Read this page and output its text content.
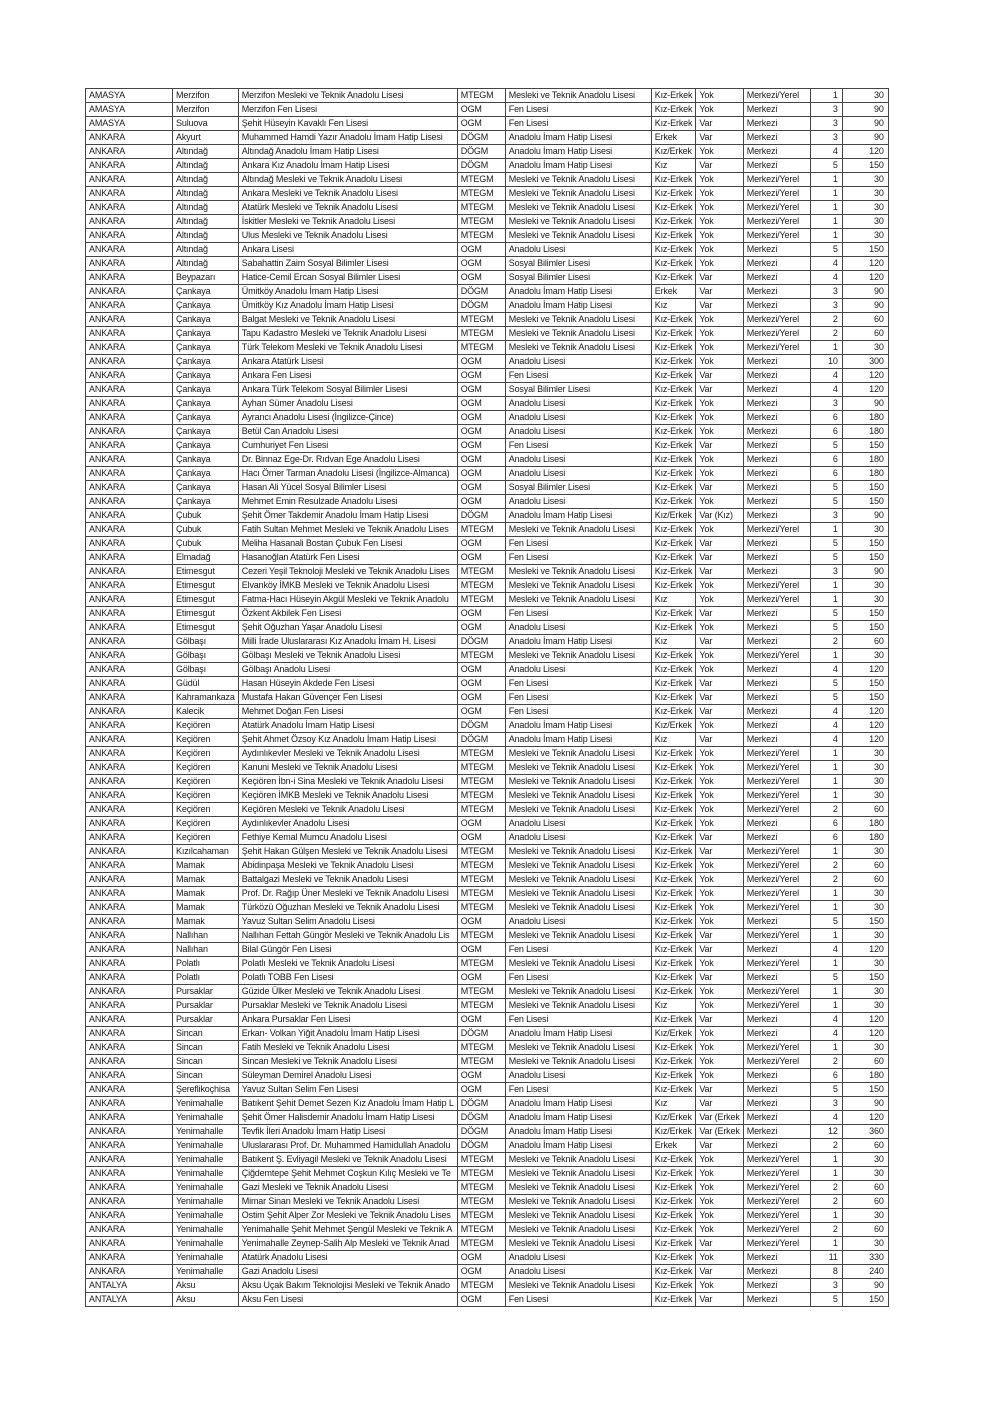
AMASYA	Merzifon	Merzifon Mesleki ve Teknik Anadolu Lisesi	MTEGM	Mesleki ve Teknik Anadolu Lisesi	Kız-Erkek	Yok	Merkezi/Yerel	1	30
AMASYA	Merzifon	Merzifon Fen Lisesi	OGM	Fen Lisesi	Kız-Erkek	Yok	Merkezi	3	90
AMASYA	Suluova	Şehit Hüseyin Kavaklı Fen Lisesi	OGM	Fen Lisesi	Kız-Erkek	Var	Merkezi	3	90
ANKARA	Akyurt	Muhammed Hamdi Yazır Anadolu İmam Hatip Lisesi	DÖGM	Anadolu İmam Hatip Lisesi	Erkek	Var	Merkezi	3	90
ANKARA	Altındağ	Altındağ Anadolu İmam Hatip Lisesi	DÖGM	Anadolu İmam Hatip Lisesi	Kız/Erkek	Yok	Merkezi	4	120
ANKARA	Altındağ	Ankara Kız Anadolu İmam Hatip Lisesi	DÖGM	Anadolu İmam Hatip Lisesi	Kız	Var	Merkezi	5	150
ANKARA	Altındağ	Altındağ Mesleki ve Teknik Anadolu Lisesi	MTEGM	Mesleki ve Teknik Anadolu Lisesi	Kız-Erkek	Yok	Merkezi/Yerel	1	30
ANKARA	Altındağ	Ankara Mesleki ve Teknik Anadolu Lisesi	MTEGM	Mesleki ve Teknik Anadolu Lisesi	Kız-Erkek	Yok	Merkezi/Yerel	1	30
ANKARA	Altındağ	Atatürk Mesleki ve Teknik Anadolu Lisesi	MTEGM	Mesleki ve Teknik Anadolu Lisesi	Kız-Erkek	Yok	Merkezi/Yerel	1	30
ANKARA	Altındağ	İskitler Mesleki ve Teknik Anadolu Lisesi	MTEGM	Mesleki ve Teknik Anadolu Lisesi	Kız-Erkek	Yok	Merkezi/Yerel	1	30
ANKARA	Altındağ	Ulus Mesleki ve Teknik Anadolu Lisesi	MTEGM	Mesleki ve Teknik Anadolu Lisesi	Kız-Erkek	Yok	Merkezi/Yerel	1	30
ANKARA	Altındağ	Ankara Lisesi	OGM	Anadolu Lisesi	Kız-Erkek	Yok	Merkezi	5	150
ANKARA	Altındağ	Sabahattin Zaim Sosyal Bilimler Lisesi	OGM	Sosyal Bilimler Lisesi	Kız-Erkek	Yok	Merkezi	4	120
ANKARA	Beypazarı	Hatice-Cemil Ercan Sosyal Bilimler Lisesi	OGM	Sosyal Bilimler Lisesi	Kız-Erkek	Var	Merkezi	4	120
ANKARA	Çankaya	Ümitköy Anadolu İmam Hatip Lisesi	DÖGM	Anadolu İmam Hatip Lisesi	Erkek	Var	Merkezi	3	90
ANKARA	Çankaya	Ümitköy Kız Anadolu İmam Hatip Lisesi	DÖGM	Anadolu İmam Hatip Lisesi	Kız	Var	Merkezi	3	90
ANKARA	Çankaya	Balgat Mesleki ve Teknik Anadolu Lisesi	MTEGM	Mesleki ve Teknik Anadolu Lisesi	Kız-Erkek	Yok	Merkezi/Yerel	2	60
ANKARA	Çankaya	Tapu Kadastro Mesleki ve Teknik Anadolu Lisesi	MTEGM	Mesleki ve Teknik Anadolu Lisesi	Kız-Erkek	Yok	Merkezi/Yerel	2	60
ANKARA	Çankaya	Türk Telekom Mesleki ve Teknik Anadolu Lisesi	MTEGM	Mesleki ve Teknik Anadolu Lisesi	Kız-Erkek	Yok	Merkezi/Yerel	1	30
ANKARA	Çankaya	Ankara Atatürk Lisesi	OGM	Anadolu Lisesi	Kız-Erkek	Yok	Merkezi	10	300
ANKARA	Çankaya	Ankara Fen Lisesi	OGM	Fen Lisesi	Kız-Erkek	Var	Merkezi	4	120
ANKARA	Çankaya	Ankara Türk Telekom Sosyal Bilimler Lisesi	OGM	Sosyal Bilimler Lisesi	Kız-Erkek	Var	Merkezi	4	120
ANKARA	Çankaya	Ayhan Sümer Anadolu Lisesi	OGM	Anadolu Lisesi	Kız-Erkek	Yok	Merkezi	3	90
ANKARA	Çankaya	Ayrancı Anadolu Lisesi (İngilizce-Çince)	OGM	Anadolu Lisesi	Kız-Erkek	Yok	Merkezi	6	180
ANKARA	Çankaya	Betül Can Anadolu Lisesi	OGM	Anadolu Lisesi	Kız-Erkek	Yok	Merkezi	6	180
ANKARA	Çankaya	Cumhuriyet Fen Lisesi	OGM	Fen Lisesi	Kız-Erkek	Var	Merkezi	5	150
ANKARA	Çankaya	Dr. Binnaz Ege-Dr. Rıdvan Ege Anadolu Lisesi	OGM	Anadolu Lisesi	Kız-Erkek	Yok	Merkezi	6	180
ANKARA	Çankaya	Hacı Ömer Tarman Anadolu Lisesi (İngilizce-Almanca)	OGM	Anadolu Lisesi	Kız-Erkek	Yok	Merkezi	6	180
ANKARA	Çankaya	Hasan Ali Yücel Sosyal Bilimler Lisesi	OGM	Sosyal Bilimler Lisesi	Kız-Erkek	Var	Merkezi	5	150
ANKARA	Çankaya	Mehmet Emin Resulzade Anadolu Lisesi	OGM	Anadolu Lisesi	Kız-Erkek	Yok	Merkezi	5	150
ANKARA	Çubuk	Şehit Ömer Takdemir Anadolu İmam Hatip Lisesi	DÖGM	Anadolu İmam Hatip Lisesi	Kız/Erkek	Var (Kız)	Merkezi	3	90
ANKARA	Çubuk	Fatih Sultan Mehmet Mesleki ve Teknik Anadolu Lises	MTEGM	Mesleki ve Teknik Anadolu Lisesi	Kız-Erkek	Yok	Merkezi/Yerel	1	30
ANKARA	Çubuk	Meliha Hasanali Bostan Çubuk Fen Lisesi	OGM	Fen Lisesi	Kız-Erkek	Var	Merkezi	5	150
ANKARA	Elmadağ	Hasanoğlan Atatürk Fen Lisesi	OGM	Fen Lisesi	Kız-Erkek	Var	Merkezi	5	150
ANKARA	Etimesgut	Cezeri Yeşil Teknoloji Mesleki ve Teknik Anadolu Lises	MTEGM	Mesleki ve Teknik Anadolu Lisesi	Kız-Erkek	Var	Merkezi	3	90
ANKARA	Etimesgut	Elvanköy İMKB Mesleki ve Teknik Anadolu Lisesi	MTEGM	Mesleki ve Teknik Anadolu Lisesi	Kız-Erkek	Yok	Merkezi/Yerel	1	30
ANKARA	Etimesgut	Fatma-Hacı Hüseyin Akgül Mesleki ve Teknik Anadolu	MTEGM	Mesleki ve Teknik Anadolu Lisesi	Kız	Yok	Merkezi/Yerel	1	30
ANKARA	Etimesgut	Özkent Akbilek Fen Lisesi	OGM	Fen Lisesi	Kız-Erkek	Var	Merkezi	5	150
ANKARA	Etimesgut	Şehit Oğuzhan Yaşar Anadolu Lisesi	OGM	Anadolu Lisesi	Kız-Erkek	Yok	Merkezi	5	150
ANKARA	Gölbaşı	Milli İrade Uluslararası Kız Anadolu İmam H. Lisesi	DÖGM	Anadolu İmam Hatip Lisesi	Kız	Var	Merkezi	2	60
ANKARA	Gölbaşı	Gölbaşı Mesleki ve Teknik Anadolu Lisesi	MTEGM	Mesleki ve Teknik Anadolu Lisesi	Kız-Erkek	Yok	Merkezi/Yerel	1	30
ANKARA	Gölbaşı	Gölbaşı Anadolu Lisesi	OGM	Anadolu Lisesi	Kız-Erkek	Yok	Merkezi	4	120
ANKARA	Güdül	Hasan Hüseyin Akdede Fen Lisesi	OGM	Fen Lisesi	Kız-Erkek	Var	Merkezi	5	150
ANKARA	Kahramankaza	Mustafa Hakan Güvençer Fen Lisesi	OGM	Fen Lisesi	Kız-Erkek	Var	Merkezi	5	150
ANKARA	Kalecik	Mehmet Doğan Fen Lisesi	OGM	Fen Lisesi	Kız-Erkek	Var	Merkezi	4	120
ANKARA	Keçiören	Atatürk Anadolu İmam Hatip Lisesi	DÖGM	Anadolu İmam Hatip Lisesi	Kız/Erkek	Yok	Merkezi	4	120
ANKARA	Keçiören	Şehit Ahmet Özsoy Kız Anadolu İmam Hatip Lisesi	DÖGM	Anadolu İmam Hatip Lisesi	Kız	Var	Merkezi	4	120
ANKARA	Keçiören	Aydınlıkevler Mesleki ve Teknik Anadolu Lisesi	MTEGM	Mesleki ve Teknik Anadolu Lisesi	Kız-Erkek	Yok	Merkezi/Yerel	1	30
ANKARA	Keçiören	Kanuni Mesleki ve Teknik Anadolu Lisesi	MTEGM	Mesleki ve Teknik Anadolu Lisesi	Kız-Erkek	Yok	Merkezi/Yerel	1	30
ANKARA	Keçiören	Keçiören İbn-i Sina Mesleki ve Teknik Anadolu Lisesi	MTEGM	Mesleki ve Teknik Anadolu Lisesi	Kız-Erkek	Yok	Merkezi/Yerel	1	30
ANKARA	Keçiören	Keçiören İMKB Mesleki ve Teknik Anadolu Lisesi	MTEGM	Mesleki ve Teknik Anadolu Lisesi	Kız-Erkek	Yok	Merkezi/Yerel	1	30
ANKARA	Keçiören	Keçiören Mesleki ve Teknik Anadolu Lisesi	MTEGM	Mesleki ve Teknik Anadolu Lisesi	Kız-Erkek	Yok	Merkezi/Yerel	2	60
ANKARA	Keçiören	Aydınlıkevler Anadolu Lisesi	OGM	Anadolu Lisesi	Kız-Erkek	Yok	Merkezi	6	180
ANKARA	Keçiören	Fethiye Kemal Mumcu Anadolu Lisesi	OGM	Anadolu Lisesi	Kız-Erkek	Var	Merkezi	6	180
ANKARA	Kızılcahaman	Şehit Hakan Gülşen Mesleki ve Teknik Anadolu Lisesi	MTEGM	Mesleki ve Teknik Anadolu Lisesi	Kız-Erkek	Var	Merkezi/Yerel	1	30
ANKARA	Mamak	Abidinpaşa Mesleki ve Teknik Anadolu Lisesi	MTEGM	Mesleki ve Teknik Anadolu Lisesi	Kız-Erkek	Yok	Merkezi/Yerel	2	60
ANKARA	Mamak	Battalgazi Mesleki ve Teknik Anadolu Lisesi	MTEGM	Mesleki ve Teknik Anadolu Lisesi	Kız-Erkek	Yok	Merkezi/Yerel	2	60
ANKARA	Mamak	Prof. Dr. Rağıp Üner Mesleki ve Teknik Anadolu Lisesi	MTEGM	Mesleki ve Teknik Anadolu Lisesi	Kız-Erkek	Yok	Merkezi/Yerel	1	30
ANKARA	Mamak	Türközü Oğuzhan Mesleki ve Teknik Anadolu Lisesi	MTEGM	Mesleki ve Teknik Anadolu Lisesi	Kız-Erkek	Yok	Merkezi/Yerel	1	30
ANKARA	Mamak	Yavuz Sultan Selim Anadolu Lisesi	OGM	Anadolu Lisesi	Kız-Erkek	Yok	Merkezi	5	150
ANKARA	Nallıhan	Nallıhan Fettah Güngör Mesleki ve Teknik Anadolu Lis	MTEGM	Mesleki ve Teknik Anadolu Lisesi	Kız-Erkek	Var	Merkezi/Yerel	1	30
ANKARA	Nallıhan	Bilal Güngör Fen Lisesi	OGM	Fen Lisesi	Kız-Erkek	Var	Merkezi	4	120
ANKARA	Polatlı	Polatlı Mesleki ve Teknik Anadolu Lisesi	MTEGM	Mesleki ve Teknik Anadolu Lisesi	Kız-Erkek	Yok	Merkezi/Yerel	1	30
ANKARA	Polatlı	Polatlı TOBB Fen Lisesi	OGM	Fen Lisesi	Kız-Erkek	Var	Merkezi	5	150
ANKARA	Pursaklar	Güzide Ülker Mesleki ve Teknik Anadolu Lisesi	MTEGM	Mesleki ve Teknik Anadolu Lisesi	Kız-Erkek	Yok	Merkezi/Yerel	1	30
ANKARA	Pursaklar	Pursaklar Mesleki ve Teknik Anadolu Lisesi	MTEGM	Mesleki ve Teknik Anadolu Lisesi	Kız	Yok	Merkezi/Yerel	1	30
ANKARA	Pursaklar	Ankara Pursaklar Fen Lisesi	OGM	Fen Lisesi	Kız-Erkek	Var	Merkezi	4	120
ANKARA	Sincan	Erkan- Volkan Yiğit Anadolu İmam Hatip Lisesi	DÖGM	Anadolu İmam Hatip Lisesi	Kız/Erkek	Yok	Merkezi	4	120
ANKARA	Sincan	Fatih Mesleki ve Teknik Anadolu Lisesi	MTEGM	Mesleki ve Teknik Anadolu Lisesi	Kız-Erkek	Yok	Merkezi/Yerel	1	30
ANKARA	Sincan	Sincan Mesleki ve Teknik Anadolu Lisesi	MTEGM	Mesleki ve Teknik Anadolu Lisesi	Kız-Erkek	Yok	Merkezi/Yerel	2	60
ANKARA	Sincan	Süleyman Demirel Anadolu Lisesi	OGM	Anadolu Lisesi	Kız-Erkek	Yok	Merkezi	6	180
ANKARA	Şereflikoçhisa	Yavuz Sultan Selim Fen Lisesi	OGM	Fen Lisesi	Kız-Erkek	Var	Merkezi	5	150
ANKARA	Yenimahalle	Batıkent Şehit Demet Sezen Kız Anadolu İmam Hatip L	DÖGM	Anadolu İmam Hatip Lisesi	Kız	Var	Merkezi	3	90
ANKARA	Yenimahalle	Şehit Ömer Halisdemir Anadolu İmam Hatip Lisesi	DÖGM	Anadolu İmam Hatip Lisesi	Kız/Erkek	Var (Erkek	Merkezi	4	120
ANKARA	Yenimahalle	Tevfik İleri Anadolu İmam Hatip Lisesi	DÖGM	Anadolu İmam Hatip Lisesi	Kız/Erkek	Var (Erkek	Merkezi	12	360
ANKARA	Yenimahalle	Uluslararası Prof. Dr. Muhammed Hamidullah Anadolu	DÖGM	Anadolu İmam Hatip Lisesi	Erkek	Var	Merkezi	2	60
ANKARA	Yenimahalle	Batıkent Ş. Evliyagil Mesleki ve Teknik Anadolu Lisesi	MTEGM	Mesleki ve Teknik Anadolu Lisesi	Kız-Erkek	Yok	Merkezi/Yerel	1	30
ANKARA	Yenimahalle	Çiğdemtepe Şehit Mehmet Coşkun Kılıç Mesleki ve Te	MTEGM	Mesleki ve Teknik Anadolu Lisesi	Kız-Erkek	Yok	Merkezi/Yerel	1	30
ANKARA	Yenimahalle	Gazi Mesleki ve Teknik Anadolu Lisesi	MTEGM	Mesleki ve Teknik Anadolu Lisesi	Kız-Erkek	Yok	Merkezi/Yerel	2	60
ANKARA	Yenimahalle	Mimar Sinan Mesleki ve Teknik Anadolu Lisesi	MTEGM	Mesleki ve Teknik Anadolu Lisesi	Kız-Erkek	Yok	Merkezi/Yerel	2	60
ANKARA	Yenimahalle	Ostim Şehit Alper Zor Mesleki ve Teknik Anadolu Lises	MTEGM	Mesleki ve Teknik Anadolu Lisesi	Kız-Erkek	Yok	Merkezi/Yerel	1	30
ANKARA	Yenimahalle	Yenimahalle Şehit Mehmet Şengül Mesleki ve Teknik A	MTEGM	Mesleki ve Teknik Anadolu Lisesi	Kız-Erkek	Yok	Merkezi/Yerel	2	60
ANKARA	Yenimahalle	Yenimahalle Zeynep-Salih Alp Mesleki ve Teknik Anad	MTEGM	Mesleki ve Teknik Anadolu Lisesi	Kız-Erkek	Var	Merkezi/Yerel	1	30
ANKARA	Yenimahalle	Atatürk Anadolu Lisesi	OGM	Anadolu Lisesi	Kız-Erkek	Yok	Merkezi	11	330
ANKARA	Yenimahalle	Gazi Anadolu Lisesi	OGM	Anadolu Lisesi	Kız-Erkek	Var	Merkezi	8	240
ANTALYA	Aksu	Aksu Uçak Bakım Teknolojisi Mesleki ve Teknik Anado	MTEGM	Mesleki ve Teknik Anadolu Lisesi	Kız-Erkek	Yok	Merkezi	3	90
ANTALYA	Aksu	Aksu Fen Lisesi	OGM	Fen Lisesi	Kız-Erkek	Var	Merkezi	5	150
